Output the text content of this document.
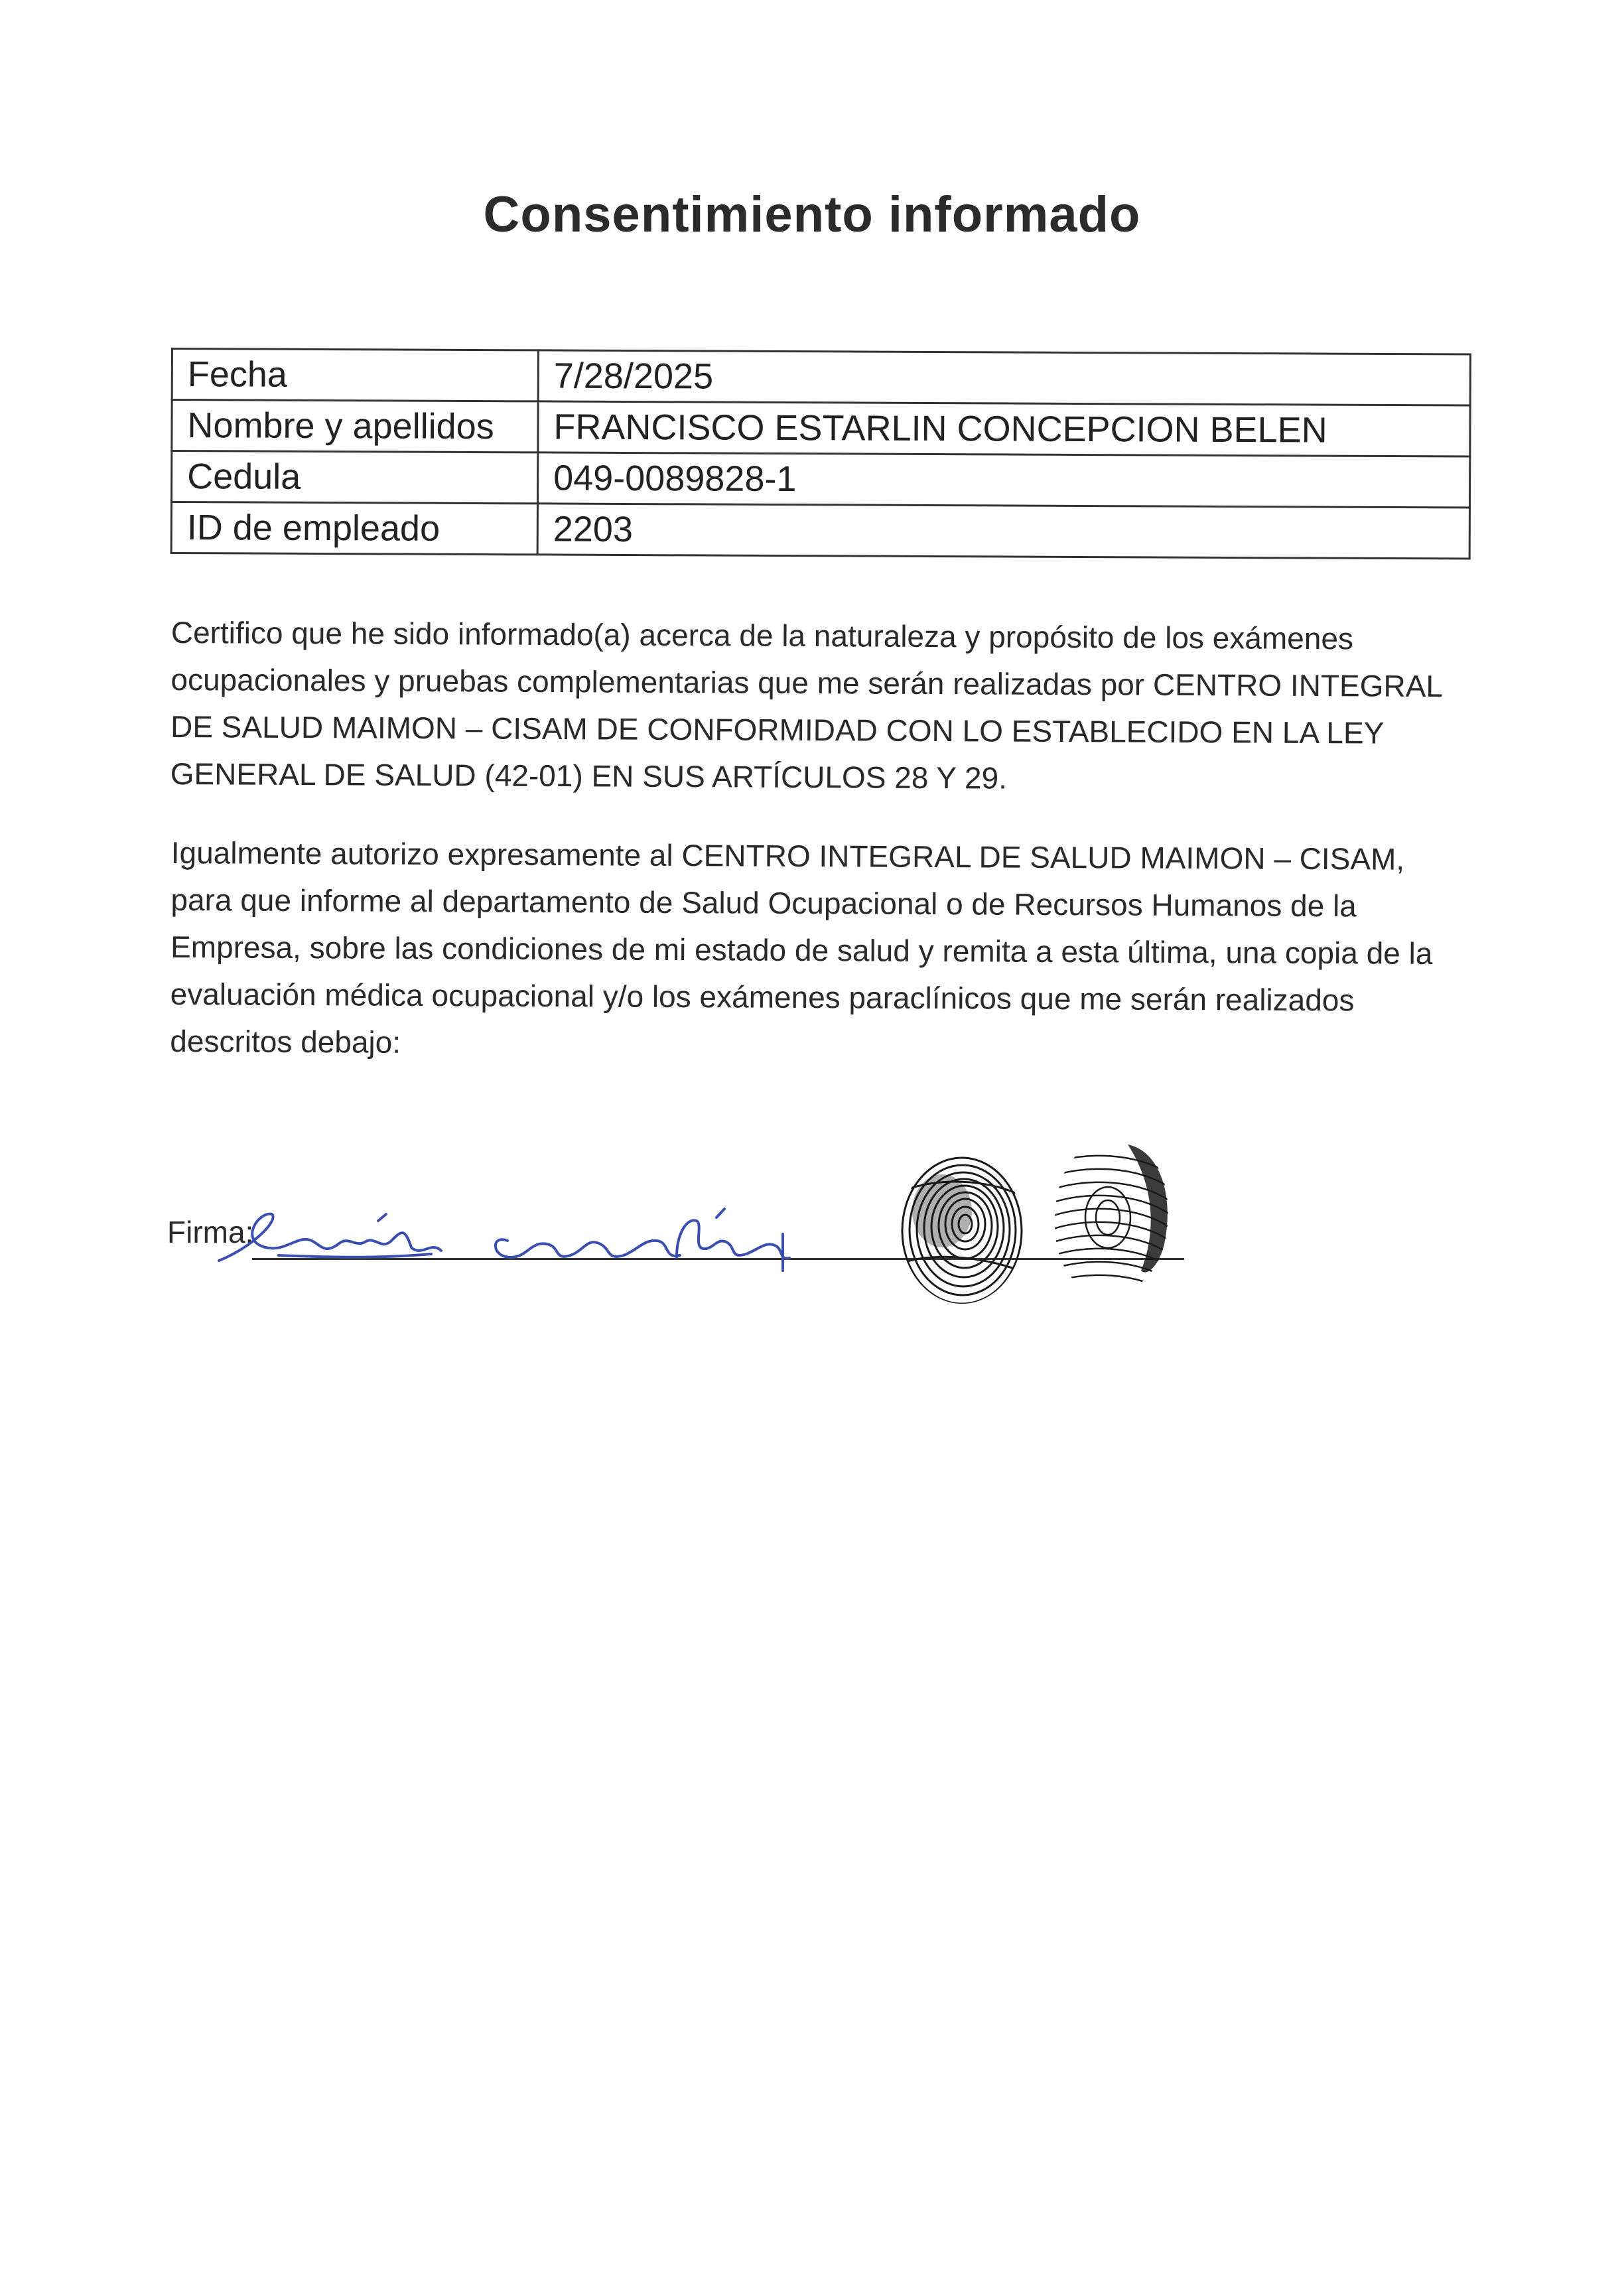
Consentimiento informado
Fecha	7/28/2025
Nombre y apellidos	FRANCISCO ESTARLIN CONCEPCION BELEN
Cedula	049-0089828-1
ID de empleado	2203

Certifico que he sido informado(a) acerca de la naturaleza y propósito de los exámenes ocupacionales y pruebas complementarias que me serán realizadas por CENTRO INTEGRAL DE SALUD MAIMON – CISAM DE CONFORMIDAD CON LO ESTABLECIDO EN LA LEY GENERAL DE SALUD (42-01) EN SUS ARTÍCULOS 28 Y 29.

Igualmente autorizo expresamente al CENTRO INTEGRAL DE SALUD MAIMON – CISAM, para que informe al departamento de Salud Ocupacional o de Recursos Humanos de la Empresa, sobre las condiciones de mi estado de salud y remita a esta última, una copia de la evaluación médica ocupacional y/o los exámenes paraclínicos que me serán realizados descritos debajo:

Firma:
